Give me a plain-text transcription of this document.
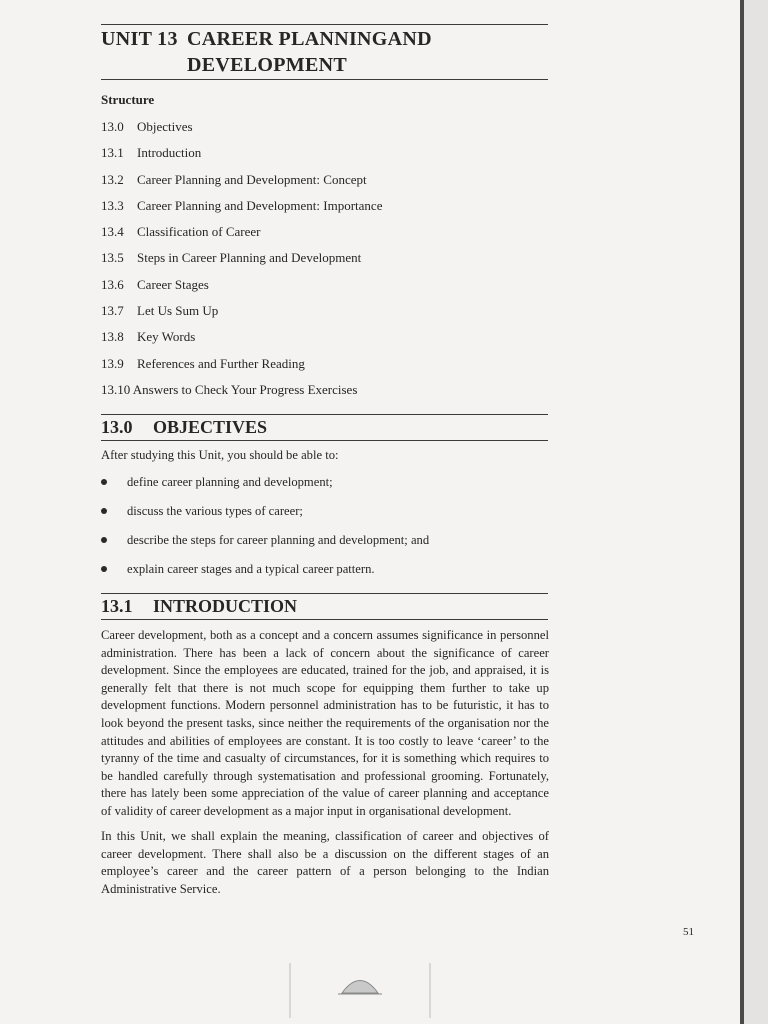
UNIT 13 CAREER PLANNINGAND
DEVELOPMENT
Structure
13.0 Objectives
13.1 Introduction
13.2 Career Planning and Development: Concept
13.3 Career Planning and Development: Importance
13.4 Classification of Career
13.5 Steps in Career Planning and Development
13.6 Career Stages
13.7 Let Us Sum Up
13.8 Key Words
13.9 References and Further Reading
13.10 Answers to Check Your Progress Exercises
13.0 OBJECTIVES

After studying this Unit, you should be able to:

define career planning and development;
discuss the various types of career;
describe the steps for career planning and development; and
explain career stages and a typical career pattern.
13.1 INTRODUCTION

Career development, both as a concept and a concern assumes significance in personnel administration. There has been a lack of concern about the significance of career development. Since the employees are educated, trained for the job, and appraised, it is generally felt that there is not much scope for equipping them further to take up development functions. Modern personnel administration has to be futuristic, it has to look beyond the present tasks, since neither the requirements of the organisation nor the attitudes and abilities of employees are constant. It is too costly to leave ‘career’ to the tyranny of the time and casualty of circumstances, for it is something which requires to be handled carefully through systematisation and professional grooming. Fortunately, there has lately been some appreciation of the value of career planning and acceptance of validity of career development as a major input in organisational development.

In this Unit, we shall explain the meaning, classification of career and objectives of career development. There shall also be a discussion on the different stages of an employee’s career and the career pattern of a person belonging to the Indian Administrative Service.

51
